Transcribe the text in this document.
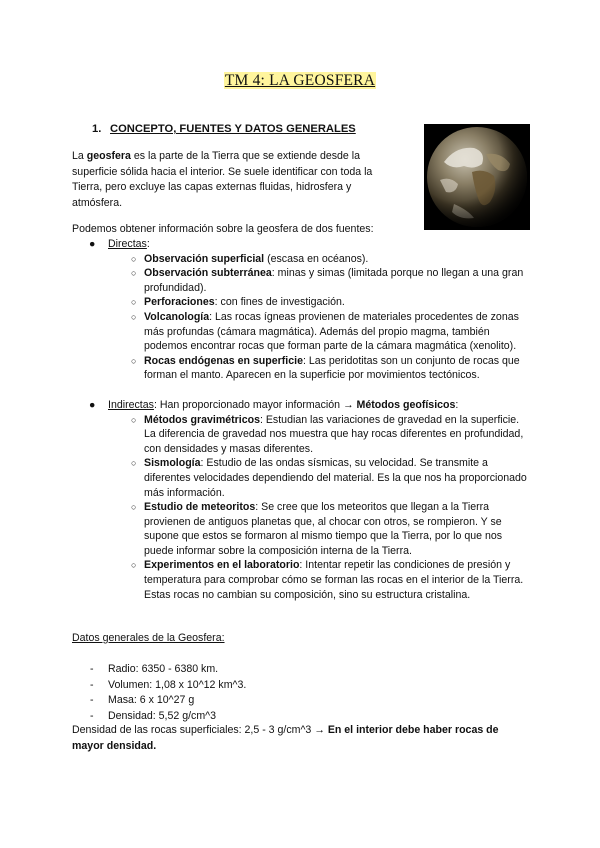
TM 4: LA GEOSFERA
1. CONCEPTO, FUENTES Y DATOS GENERALES
La geosfera es la parte de la Tierra que se extiende desde la superficie sólida hacia el interior. Se suele identificar con toda la Tierra, pero excluye las capas externas fluidas, hidrosfera y atmósfera.
Podemos obtener información sobre la geosfera de dos fuentes:
● Directas:
○ Observación superficial (escasa en océanos).
○ Observación subterránea: minas y simas (limitada porque no llegan a una gran profundidad).
○ Perforaciones: con fines de investigación.
○ Volcanología: Las rocas ígneas provienen de materiales procedentes de zonas más profundas (cámara magmática). Además del propio magma, también podemos encontrar rocas que forman parte de la cámara magmática (xenolito).
○ Rocas endógenas en superficie: Las peridotitas son un conjunto de rocas que forman el manto. Aparecen en la superficie por movimientos tectónicos.
● Indirectas: Han proporcionado mayor información → Métodos geofísicos:
○ Métodos gravimétricos: Estudian las variaciones de gravedad en la superficie. La diferencia de gravedad nos muestra que hay rocas diferentes en profundidad, con densidades y masas diferentes.
○ Sismología: Estudio de las ondas sísmicas, su velocidad. Se transmite a diferentes velocidades dependiendo del material. Es la que nos ha proporcionado más información.
○ Estudio de meteoritos: Se cree que los meteoritos que llegan a la Tierra provienen de antiguos planetas que, al chocar con otros, se rompieron. Y se supone que estos se formaron al mismo tiempo que la Tierra, por lo que nos puede informar sobre la composición interna de la Tierra.
○ Experimentos en el laboratorio: Intentar repetir las condiciones de presión y temperatura para comprobar cómo se forman las rocas en el interior de la Tierra. Estas rocas no cambian su composición, sino su estructura cristalina.
Datos generales de la Geosfera:
- Radio: 6350 - 6380 km.
- Volumen: 1,08 x 10^12 km^3.
- Masa: 6 x 10^27 g
- Densidad: 5,52 g/cm^3
Densidad de las rocas superficiales: 2,5 - 3 g/cm^3 → En el interior debe haber rocas de mayor densidad.
